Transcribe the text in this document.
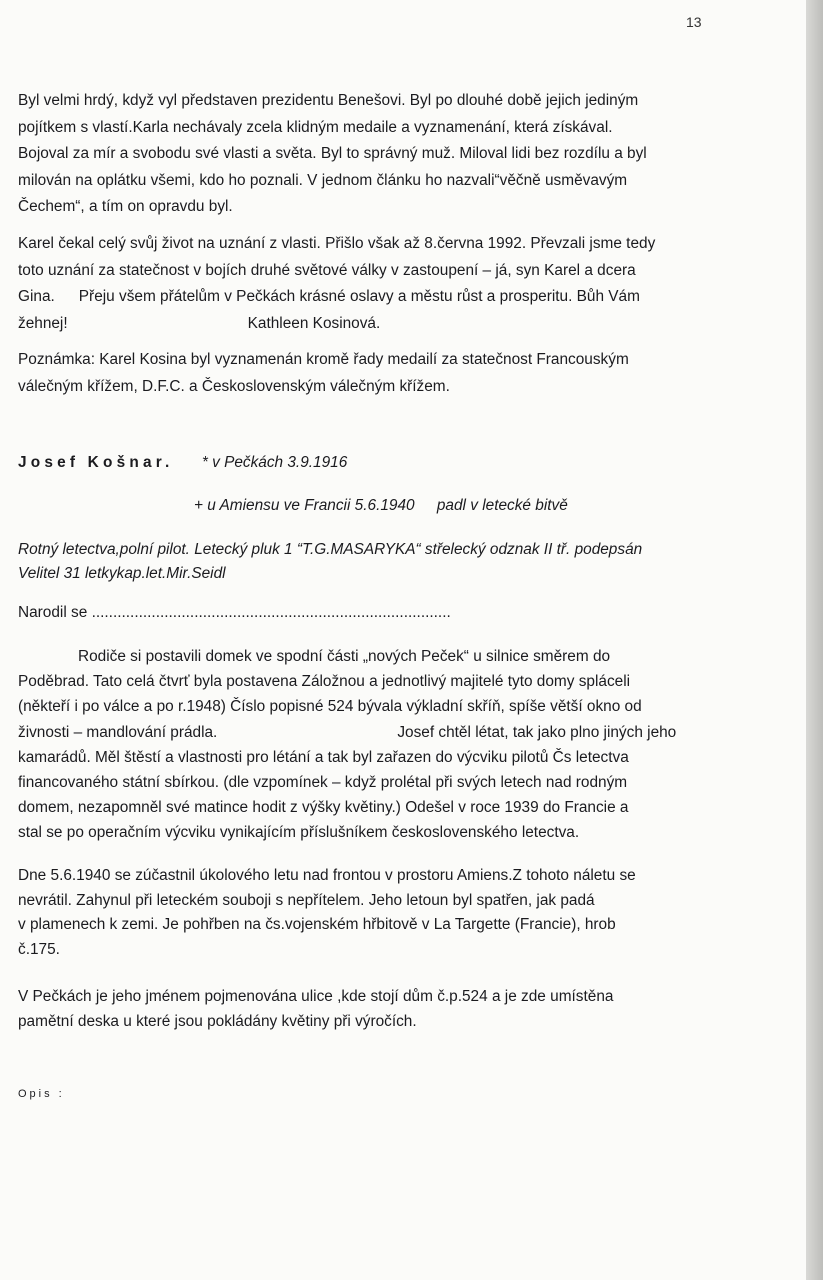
13

Byl velmi hrdý, když vyl představen prezidentu Benešovi. Byl po dlouhé době jejich jediným
pojítkem s vlastí.Karla nechávaly zcela klidným medaile a vyznamenání, která získával.
Bojoval za mír a svobodu své vlasti a světa. Byl to správný muž. Miloval lidi bez rozdílu a byl
milován na oplátku všemi, kdo ho poznali. V jednom článku ho nazvali“věčně usměvavým
Čechem“, a tím on opravdu byl.

Karel čekal celý svůj život na uznání z vlasti. Přišlo však až 8.června 1992. Převzali jsme tedy
toto uznání za statečnost v bojích druhé světové války v zastoupení – já, syn Karel a dcera
Gina. Přeju všem přátelům v Pečkách krásné oslavy a městu růst a prosperitu. Bůh Vám
žehnej!	Kathleen Kosinová.

Poznámka: Karel Kosina byl vyznamenán kromě řady medailí za statečnost Francouským
válečným křížem, D.F.C. a Československým válečným křížem.

Josef Košnar. * v Pečkách 3.9.1916
+ u Amiensu ve Francii 5.6.1940 padl v letecké bitvě
Rotný letectva,polní pilot. Letecký pluk 1 “T.G.MASARYKA“ střelecký odznak II tř. podepsán
Velitel 31 letkykap.let.Mir.Seidl
Narodil se ....................................................................................

Rodiče si postavili domek ve spodní části „nových Peček“ u silnice směrem do
Poděbrad. Tato celá čtvrť byla postavena Záložnou a jednotlivý majitelé tyto domy spláceli
(někteří i po válce a po r.1948) Číslo popisné 524 bývala výkladní skříň, spíše větší okno od
živnosti – mandlování prádla.	Josef chtěl létat, tak jako plno jiných jeho
kamarádů. Měl štěstí a vlastnosti pro létání a tak byl zařazen do výcviku pilotů Čs letectva
financovaného státní sbírkou. (dle vzpomínek – když prolétal při svých letech nad rodným
domem, nezapomněl své matince hodit z výšky květiny.) Odešel v roce 1939 do Francie a
stal se po operačním výcviku vynikajícím příslušníkem československého letectva.

Dne 5.6.1940 se zúčastnil úkolového letu nad frontou v prostoru Amiens.Z tohoto náletu se
nevrátil. Zahynul při leteckém souboji s nepřítelem. Jeho letoun byl spatřen, jak padá
v plamenech k zemi. Je pohřben na čs.vojenském hřbitově v La Targette (Francie), hrob
č.175.

V Pečkách je jeho jménem pojmenována ulice ,kde stojí dům č.p.524 a je zde umístěna
pamětní deska u které jsou pokládány květiny při výročích.

Opis :
